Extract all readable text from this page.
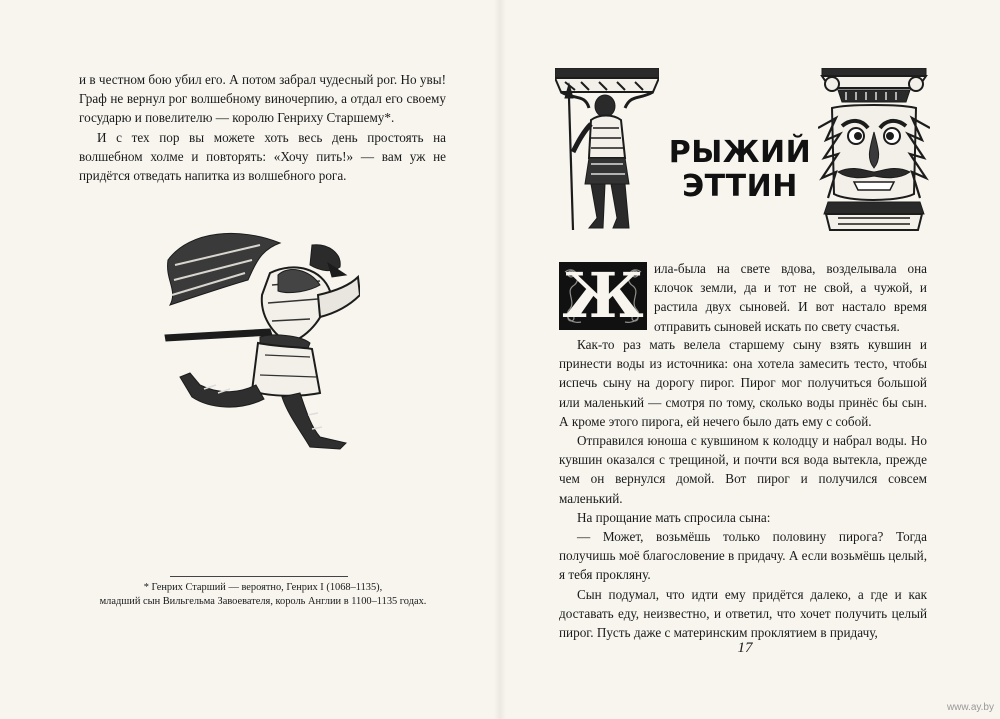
и в честном бою убил его. А потом забрал чудесный рог. Но увы! Граф не вернул рог волшебному виночерпию, а отдал его своему государю и повелителю — королю Генриху Старшему*.

И с тех пор вы можете хоть весь день простоять на волшебном холме и повторять: «Хочу пить!» — вам уж не придётся отведать напитка из волшебного рога.

* Генрих Старший — вероятно, Генрих I (1068–1135),
младший сын Вильгельма Завоевателя, король Англии в 1100–1135 годах.
РЫЖИЙ
ЭТТИН
Ж ила-была на свете вдова, возделывала она клочок земли, да и тот не свой, а чужой, и растила двух сыновей. И вот настало время отправить сыновей искать по свету счастья.

Как-то раз мать велела старшему сыну взять кувшин и принести воды из источника: она хотела замесить тесто, чтобы испечь сыну на дорогу пирог. Пирог мог получиться большой или маленький — смотря по тому, сколько воды принёс бы сын. А кроме этого пирога, ей нечего было дать ему с собой.

Отправился юноша с кувшином к колодцу и набрал воды. Но кувшин оказался с трещиной, и почти вся вода вытекла, прежде чем он вернулся домой. Вот пирог и получился совсем маленький.

На прощание мать спросила сына:

— Может, возьмёшь только половину пирога? Тогда получишь моё благословение в придачу. А если возьмёшь целый, я тебя прокляну.

Сын подумал, что идти ему придётся далеко, а где и как доставать еду, неизвестно, и ответил, что хочет получить целый пирог. Пусть даже с материнским проклятием в придачу,

17
www.ay.by
